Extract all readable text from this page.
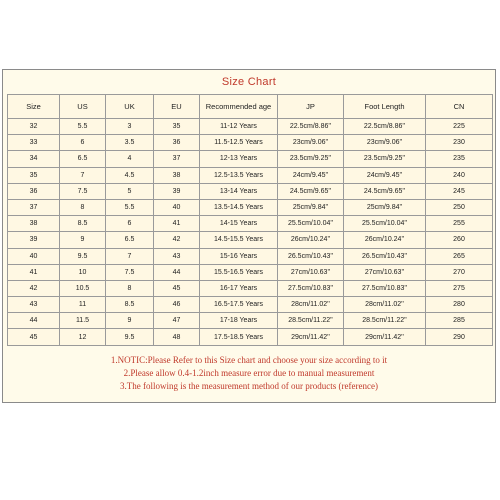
Size Chart
Size	US	UK	EU	Recommended age	JP	Foot Length	CN
32	5.5	3	35	11-12 Years	22.5cm/8.86''	22.5cm/8.86''	225
33	6	3.5	36	11.5-12.5 Years	23cm/9.06''	23cm/9.06''	230
34	6.5	4	37	12-13 Years	23.5cm/9.25''	23.5cm/9.25''	235
35	7	4.5	38	12.5-13.5 Years	24cm/9.45''	24cm/9.45''	240
36	7.5	5	39	13-14 Years	24.5cm/9.65''	24.5cm/9.65''	245
37	8	5.5	40	13.5-14.5 Years	25cm/9.84''	25cm/9.84''	250
38	8.5	6	41	14-15 Years	25.5cm/10.04''	25.5cm/10.04''	255
39	9	6.5	42	14.5-15.5 Years	26cm/10.24''	26cm/10.24''	260
40	9.5	7	43	15-16 Years	26.5cm/10.43''	26.5cm/10.43''	265
41	10	7.5	44	15.5-16.5 Years	27cm/10.63''	27cm/10.63''	270
42	10.5	8	45	16-17 Years	27.5cm/10.83''	27.5cm/10.83''	275
43	11	8.5	46	16.5-17.5 Years	28cm/11.02''	28cm/11.02''	280
44	11.5	9	47	17-18 Years	28.5cm/11.22''	28.5cm/11.22''	285
45	12	9.5	48	17.5-18.5 Years	29cm/11.42''	29cm/11.42''	290
1.NOTIC:Please Refer to this Size chart and choose your size according to it
2.Please allow 0.4-1.2inch measure error due to manual measurement
3.The following is the measurement method of our products (reference)
